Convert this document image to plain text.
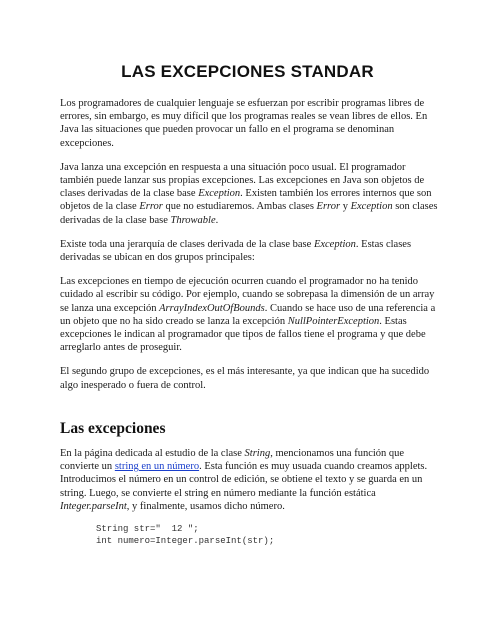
LAS EXCEPCIONES STANDAR

Los programadores de cualquier lenguaje se esfuerzan por escribir programas libres de errores, sin embargo, es muy difícil que los programas reales se vean libres de ellos. En Java las situaciones que pueden provocar un fallo en el programa se denominan excepciones.

Java lanza una excepción en respuesta a una situación poco usual. El programador también puede lanzar sus propias excepciones. Las excepciones en Java son objetos de clases derivadas de la clase base Exception. Existen también los errores internos que son objetos de la clase Error que no estudiaremos. Ambas clases Error y Exception son clases derivadas de la clase base Throwable.

Existe toda una jerarquía de clases derivada de la clase base Exception. Estas clases derivadas se ubican en dos grupos principales:

Las excepciones en tiempo de ejecución ocurren cuando el programador no ha tenido cuidado al escribir su código. Por ejemplo, cuando se sobrepasa la dimensión de un array se lanza una excepción ArrayIndexOutOfBounds. Cuando se hace uso de una referencia a un objeto que no ha sido creado se lanza la excepción NullPointerException. Estas excepciones le indican al programador que tipos de fallos tiene el programa y que debe arreglarlo antes de proseguir.

El segundo grupo de excepciones, es el más interesante, ya que indican que ha sucedido algo inesperado o fuera de control.

Las excepciones

En la página dedicada al estudio de la clase String, mencionamos una función que convierte un string en un número. Esta función es muy usuada cuando creamos applets. Introducimos el número en un control de edición, se obtiene el texto y se guarda en un string. Luego, se convierte el string en número mediante la función estática Integer.parseInt, y finalmente, usamos dicho número.

String str="  12 ";
int numero=Integer.parseInt(str);
